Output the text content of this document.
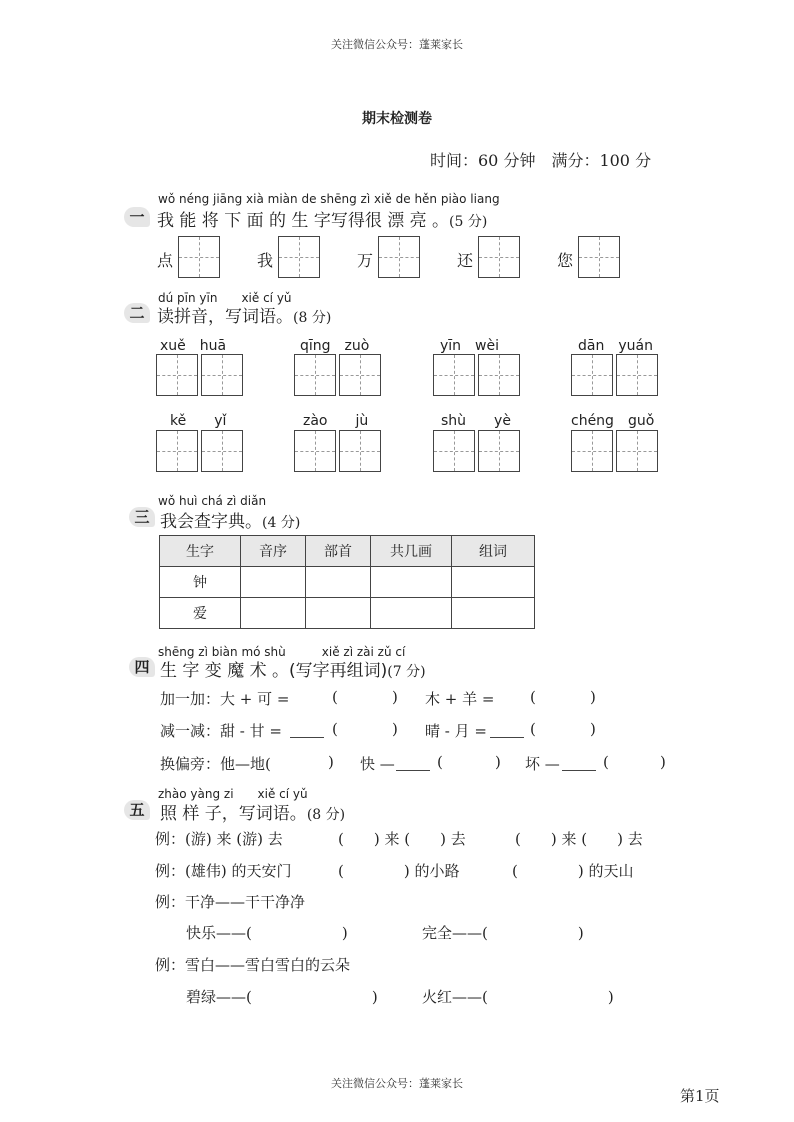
关注微信公众号：蓬莱家长
期末检测卷
时间：60 分钟　满分：100 分
wǒ néng jiāng xià miàn de shēng zì xiě de hěn piào liang
一 我 能 将 下 面 的 生 字写得很 漂 亮 。(5 分)
点	我	万	还	您
dú pīn yīn　　xiě cí yǔ
二 读拼音，写词语。(8 分)
xuě　huā	qīng　zuò	yīn　wèi	dān　yuán
kě　　yǐ	zào　　jù	shù　　yè	chéng　guǒ
wǒ huì chá zì diǎn
三 我会查字典。(4 分)
生字	音序	部首	共几画	组词
钟				
爱				
shēng zì biàn mó shù　　　xiě zì zài zǔ cí
四 生 字 变 魔 术 。(写字再组词)(7 分)
加一加：大 + 可 =	(	) 木 + 羊 = (	)
减一减：甜 - 甘 =	(	) 晴 - 月 =	(	)
换偏旁：他—地(	) 快 —	(	) 坏 —	(	)
zhào yàng zi　　xiě cí yǔ
五 照 样 子，写词语。(8 分)
例：(游) 来 (游) 去	(　　) 来 (　　) 去	(　　) 来 (　　) 去
例：(雄伟) 的天安门	(　　　　) 的小路	(　　　　) 的天山
例：干净——干干净净
快乐——(　　　　　　)	完全——(　　　　　　)
例：雪白——雪白雪白的云朵
碧绿——(　　　　　　　　)	火红——(　　　　　　　　)
关注微信公众号：蓬莱家长
第1页
